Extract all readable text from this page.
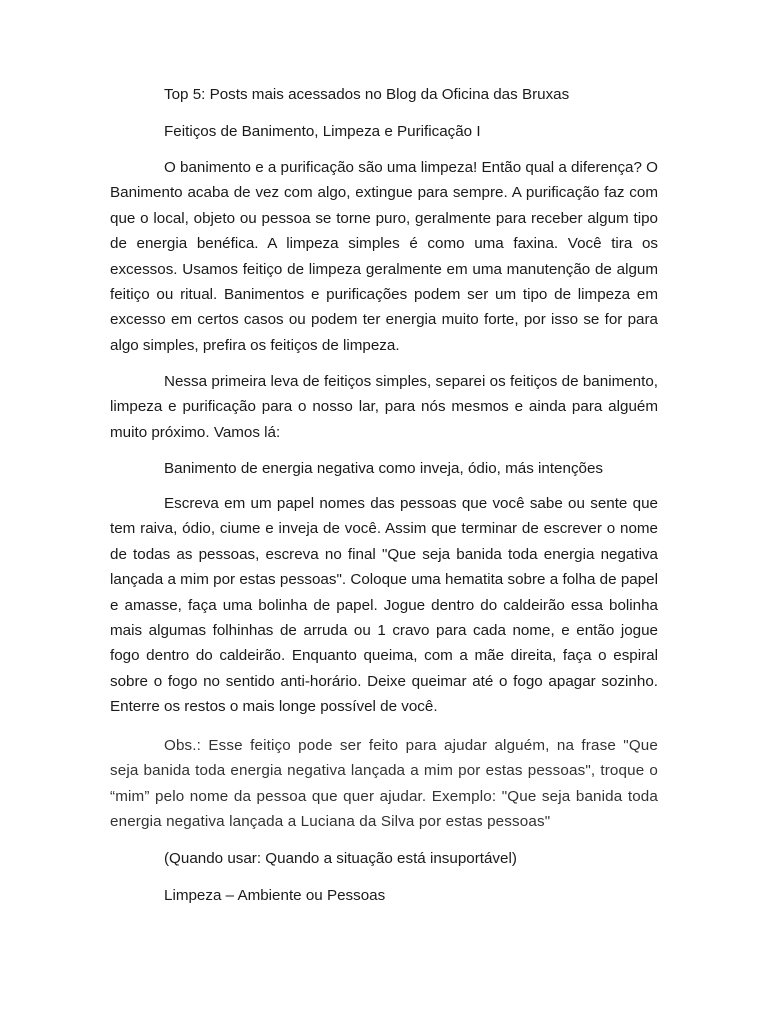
Top 5: Posts mais acessados no Blog da Oficina das Bruxas
Feitiços de Banimento, Limpeza e Purificação I

O banimento e a purificação são uma limpeza! Então qual a diferença? O Banimento acaba de vez com algo, extingue para sempre. A purificação faz com que o local, objeto ou pessoa se torne puro, geralmente para receber algum tipo de energia benéfica. A limpeza simples é como uma faxina. Você tira os excessos. Usamos feitiço de limpeza geralmente em uma manutenção de algum feitiço ou ritual. Banimentos e purificações podem ser um tipo de limpeza em excesso em certos casos ou podem ter energia muito forte, por isso se for para algo simples, prefira os feitiços de limpeza.

Nessa primeira leva de feitiços simples, separei os feitiços de banimento, limpeza e purificação para o nosso lar, para nós mesmos e ainda para alguém muito próximo. Vamos lá:

Banimento de energia negativa como inveja, ódio, más intenções

Escreva em um papel nomes das pessoas que você sabe ou sente que tem raiva, ódio, ciume e inveja de você. Assim que terminar de escrever o nome de todas as pessoas, escreva no final "Que seja banida toda energia negativa lançada a mim por estas pessoas". Coloque uma hematita sobre a folha de papel e amasse, faça uma bolinha de papel. Jogue dentro do caldeirão essa bolinha mais algumas folhinhas de arruda ou 1 cravo para cada nome, e então jogue fogo dentro do caldeirão. Enquanto queima, com a mãe direita, faça o espiral sobre o fogo no sentido anti-horário. Deixe queimar até o fogo apagar sozinho. Enterre os restos o mais longe possível de você.

Obs.: Esse feitiço pode ser feito para ajudar alguém, na frase "Que seja banida toda energia negativa lançada a mim por estas pessoas", troque o “mim” pelo nome da pessoa que quer ajudar. Exemplo: "Que seja banida toda energia negativa lançada a Luciana da Silva por estas pessoas"

(Quando usar: Quando a situação está insuportável)
Limpeza – Ambiente ou Pessoas
